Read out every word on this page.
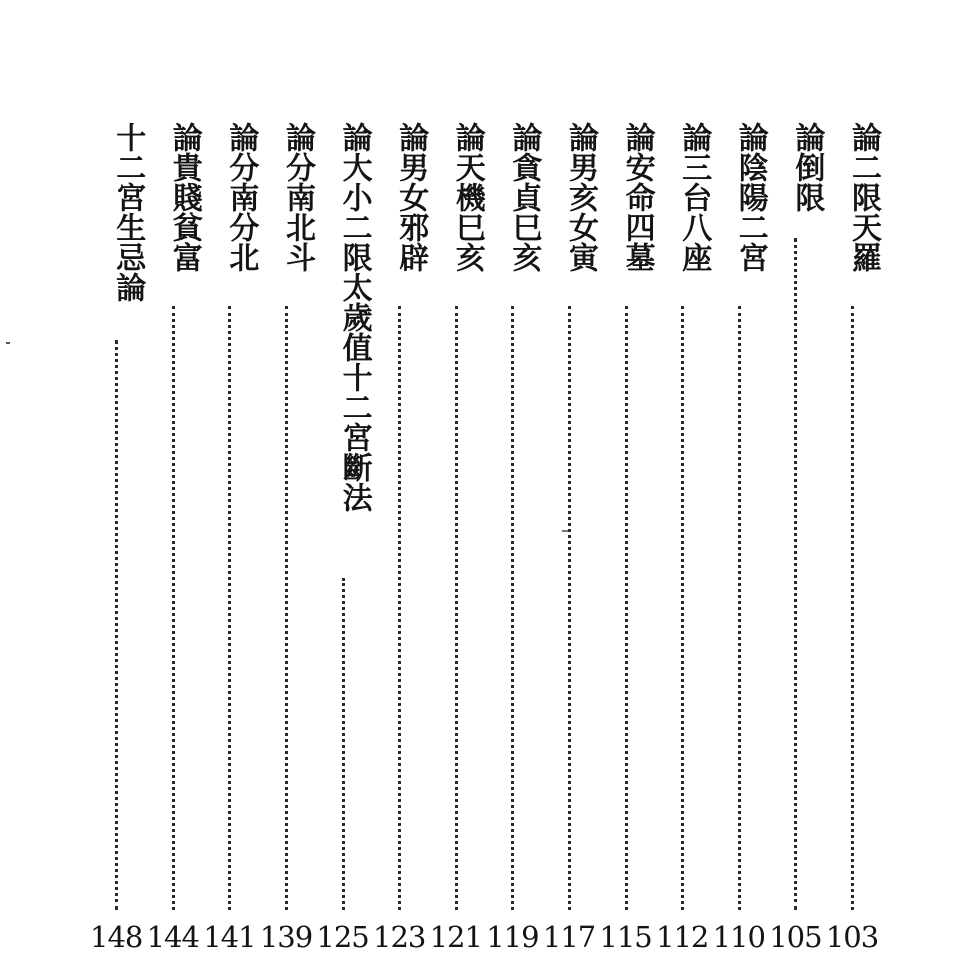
論二限天羅
103
論倒限
105
論陰陽二宮
110
論三台八座
112
論安命四墓
115
論男亥女寅
117
論貪貞巳亥
119
論天機巳亥
121
論男女邪辟
123
論大小二限太歲值十二宮斷法
125
論分南北斗
139
論分南分北
141
論貴賤貧富
144
十二宮生忌論
148
